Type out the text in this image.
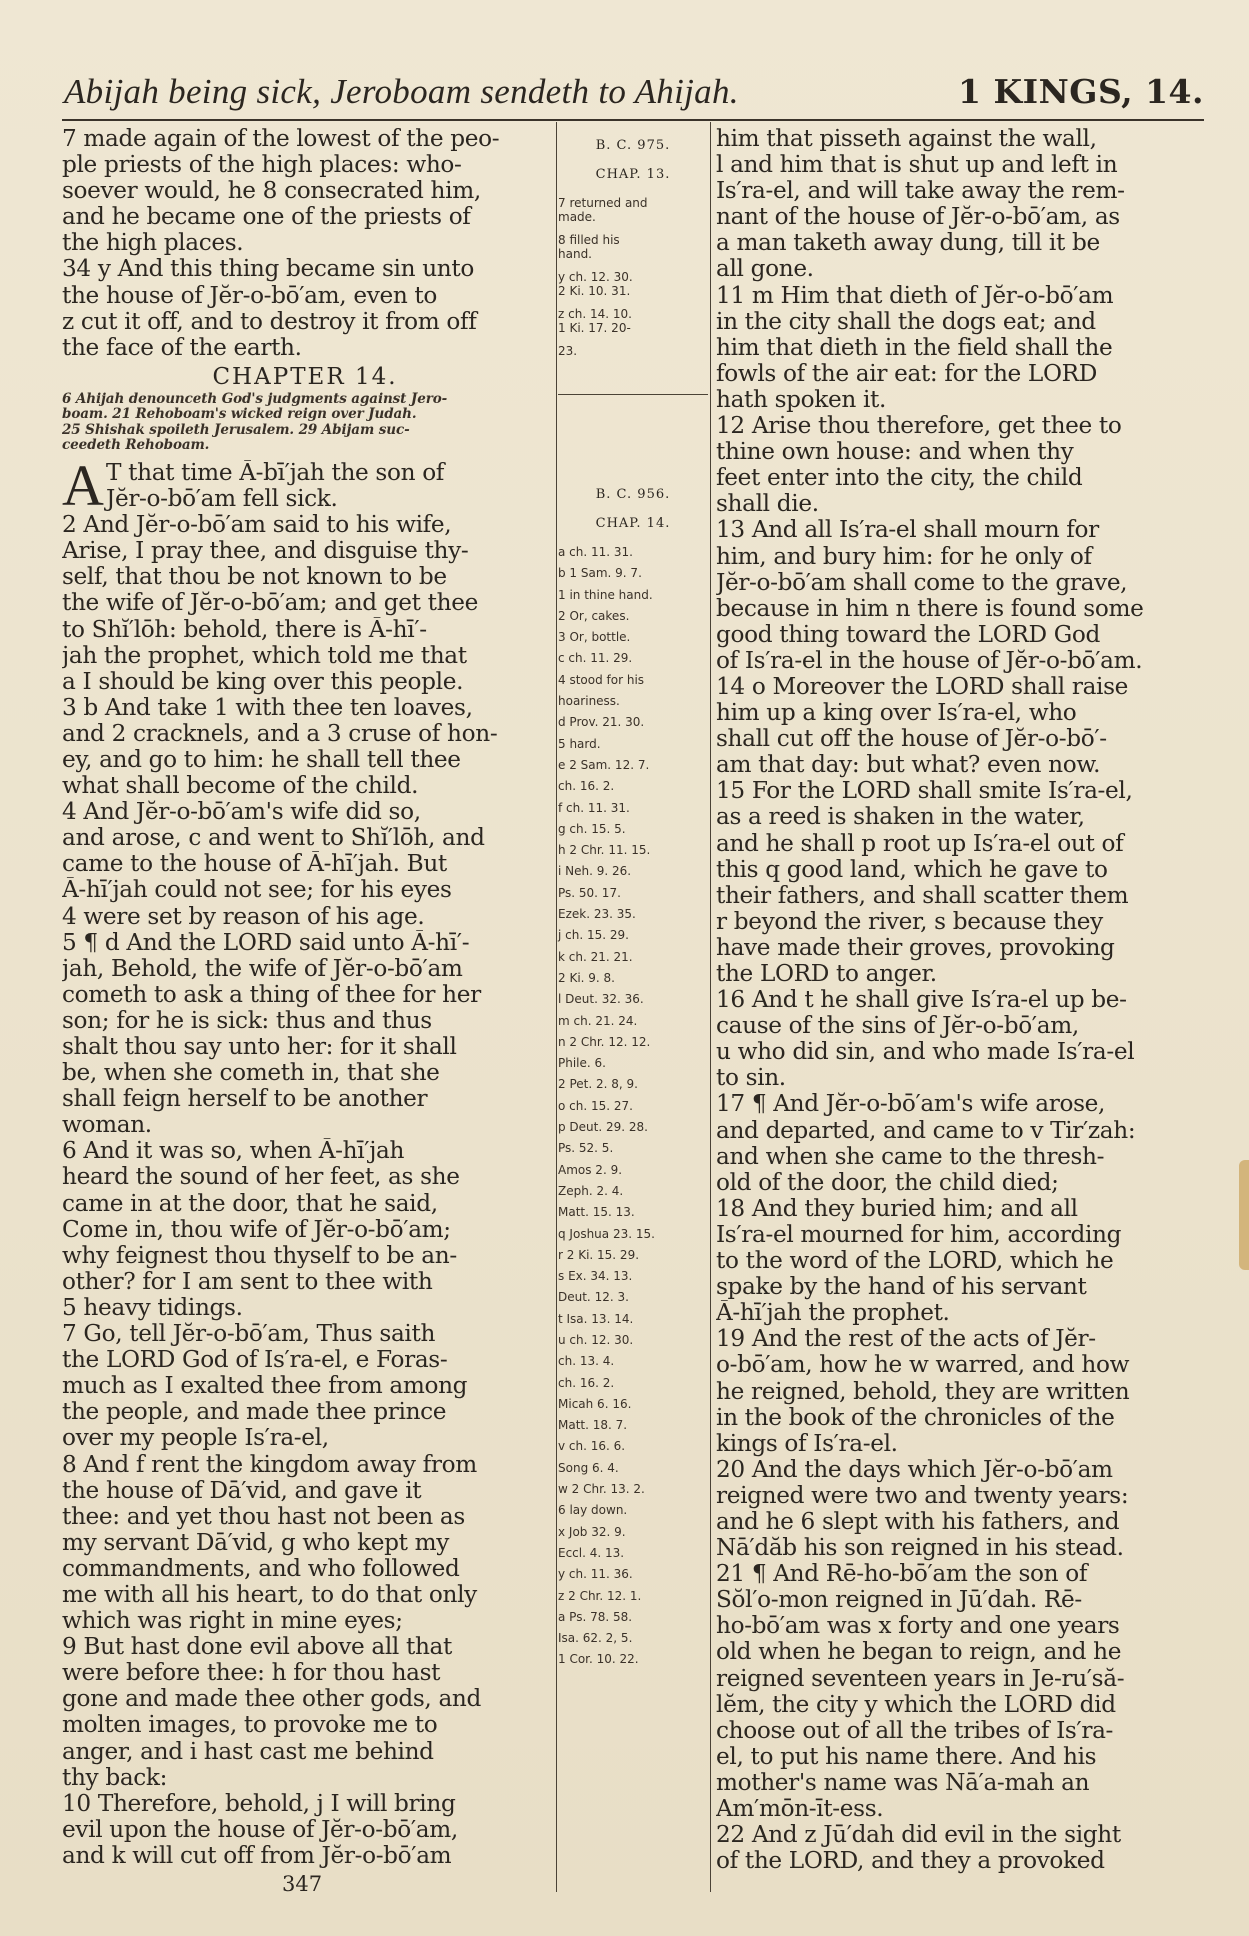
Abijah being sick, Jeroboam sendeth to Ahijah.	1 KINGS, 14.

7 made again of the lowest of the peo-

ple priests of the high places: who-

soever would, he 8 consecrated him,

and he became one of the priests of

the high places.

34 y And this thing became sin unto

the house of Jĕr-o-bō′am, even to

z cut it off, and to destroy it from off

the face of the earth.

CHAPTER 14.

6 Ahijah denounceth God's judgments against Jero-

boam. 21 Rehoboam's wicked reign over Judah.

25 Shishak spoileth Jerusalem. 29 Abijam suc-

ceedeth Rehoboam.

A T that time Ā-bī′jah the son of

Jĕr-o-bō′am fell sick.

2 And Jĕr-o-bō′am said to his wife,

Arise, I pray thee, and disguise thy-

self, that thou be not known to be

the wife of Jĕr-o-bō′am; and get thee

to Shĭ′lōh: behold, there is Ā-hī′-

jah the prophet, which told me that

a I should be king over this people.

3 b And take 1 with thee ten loaves,

and 2 cracknels, and a 3 cruse of hon-

ey, and go to him: he shall tell thee

what shall become of the child.

4 And Jĕr-o-bō′am's wife did so,

and arose, c and went to Shĭ′lōh, and

came to the house of Ā-hī′jah. But

Ā-hī′jah could not see; for his eyes

4 were set by reason of his age.

5 ¶ d And the LORD said unto Ā-hī′-

jah, Behold, the wife of Jĕr-o-bō′am

cometh to ask a thing of thee for her

son; for he is sick: thus and thus

shalt thou say unto her: for it shall

be, when she cometh in, that she

shall feign herself to be another

woman.

6 And it was so, when Ā-hī′jah

heard the sound of her feet, as she

came in at the door, that he said,

Come in, thou wife of Jĕr-o-bō′am;

why feignest thou thyself to be an-

other? for I am sent to thee with

5 heavy tidings.

7 Go, tell Jĕr-o-bō′am, Thus saith

the LORD God of Is′ra-el, e Foras-

much as I exalted thee from among

the people, and made thee prince

over my people Is′ra-el,

8 And f rent the kingdom away from

the house of Dā′vid, and gave it

thee: and yet thou hast not been as

my servant Dā′vid, g who kept my

commandments, and who followed

me with all his heart, to do that only

which was right in mine eyes;

9 But hast done evil above all that

were before thee: h for thou hast

gone and made thee other gods, and

molten images, to provoke me to

anger, and i hast cast me behind

thy back:

10 Therefore, behold, j I will bring

evil upon the house of Jĕr-o-bō′am,

and k will cut off from Jĕr-o-bō′am

B. C. 975.
CHAP. 13.
7 returned and
made.
8 filled his
hand.
y ch. 12. 30.
2 Ki. 10. 31.
z ch. 14. 10.
1 Ki. 17. 20-
23.
B. C. 956.
CHAP. 14.
a ch. 11. 31.
b 1 Sam. 9. 7.
1 in thine hand.
2 Or, cakes.
3 Or, bottle.
c ch. 11. 29.
4 stood for his
hoariness.
d Prov. 21. 30.
5 hard.
e 2 Sam. 12. 7.
ch. 16. 2.
f ch. 11. 31.
g ch. 15. 5.
h 2 Chr. 11. 15.
i Neh. 9. 26.
Ps. 50. 17.
Ezek. 23. 35.
j ch. 15. 29.
k ch. 21. 21.
2 Ki. 9. 8.
l Deut. 32. 36.
m ch. 21. 24.
n 2 Chr. 12. 12.
Phile. 6.
2 Pet. 2. 8, 9.
o ch. 15. 27.
p Deut. 29. 28.
Ps. 52. 5.
Amos 2. 9.
Zeph. 2. 4.
Matt. 15. 13.
q Joshua 23. 15.
r 2 Ki. 15. 29.
s Ex. 34. 13.
Deut. 12. 3.
t Isa. 13. 14.
u ch. 12. 30.
ch. 13. 4.
ch. 16. 2.
Micah 6. 16.
Matt. 18. 7.
v ch. 16. 6.
Song 6. 4.
w 2 Chr. 13. 2.
6 lay down.
x Job 32. 9.
Eccl. 4. 13.
y ch. 11. 36.
z 2 Chr. 12. 1.
a Ps. 78. 58.
Isa. 62. 2, 5.
1 Cor. 10. 22.

him that pisseth against the wall,

l and him that is shut up and left in

Is′ra-el, and will take away the rem-

nant of the house of Jĕr-o-bō′am, as

a man taketh away dung, till it be

all gone.

11 m Him that dieth of Jĕr-o-bō′am

in the city shall the dogs eat; and

him that dieth in the field shall the

fowls of the air eat: for the LORD

hath spoken it.

12 Arise thou therefore, get thee to

thine own house: and when thy

feet enter into the city, the child

shall die.

13 And all Is′ra-el shall mourn for

him, and bury him: for he only of

Jĕr-o-bō′am shall come to the grave,

because in him n there is found some

good thing toward the LORD God

of Is′ra-el in the house of Jĕr-o-bō′am.

14 o Moreover the LORD shall raise

him up a king over Is′ra-el, who

shall cut off the house of Jĕr-o-bō′-

am that day: but what? even now.

15 For the LORD shall smite Is′ra-el,

as a reed is shaken in the water,

and he shall p root up Is′ra-el out of

this q good land, which he gave to

their fathers, and shall scatter them

r beyond the river, s because they

have made their groves, provoking

the LORD to anger.

16 And t he shall give Is′ra-el up be-

cause of the sins of Jĕr-o-bō′am,

u who did sin, and who made Is′ra-el

to sin.

17 ¶ And Jĕr-o-bō′am's wife arose,

and departed, and came to v Tir′zah:

and when she came to the thresh-

old of the door, the child died;

18 And they buried him; and all

Is′ra-el mourned for him, according

to the word of the LORD, which he

spake by the hand of his servant

Ā-hī′jah the prophet.

19 And the rest of the acts of Jĕr-

o-bō′am, how he w warred, and how

he reigned, behold, they are written

in the book of the chronicles of the

kings of Is′ra-el.

20 And the days which Jĕr-o-bō′am

reigned were two and twenty years:

and he 6 slept with his fathers, and

Nā′dăb his son reigned in his stead.

21 ¶ And Rē-ho-bō′am the son of

Sŏl′o-mon reigned in Jū′dah. Rē-

ho-bō′am was x forty and one years

old when he began to reign, and he

reigned seventeen years in Je-ru′să-

lĕm, the city y which the LORD did

choose out of all the tribes of Is′ra-

el, to put his name there. And his

mother's name was Nā′a-mah an

Am′mōn-īt-ess.

22 And z Jū′dah did evil in the sight

of the LORD, and they a provoked

347
